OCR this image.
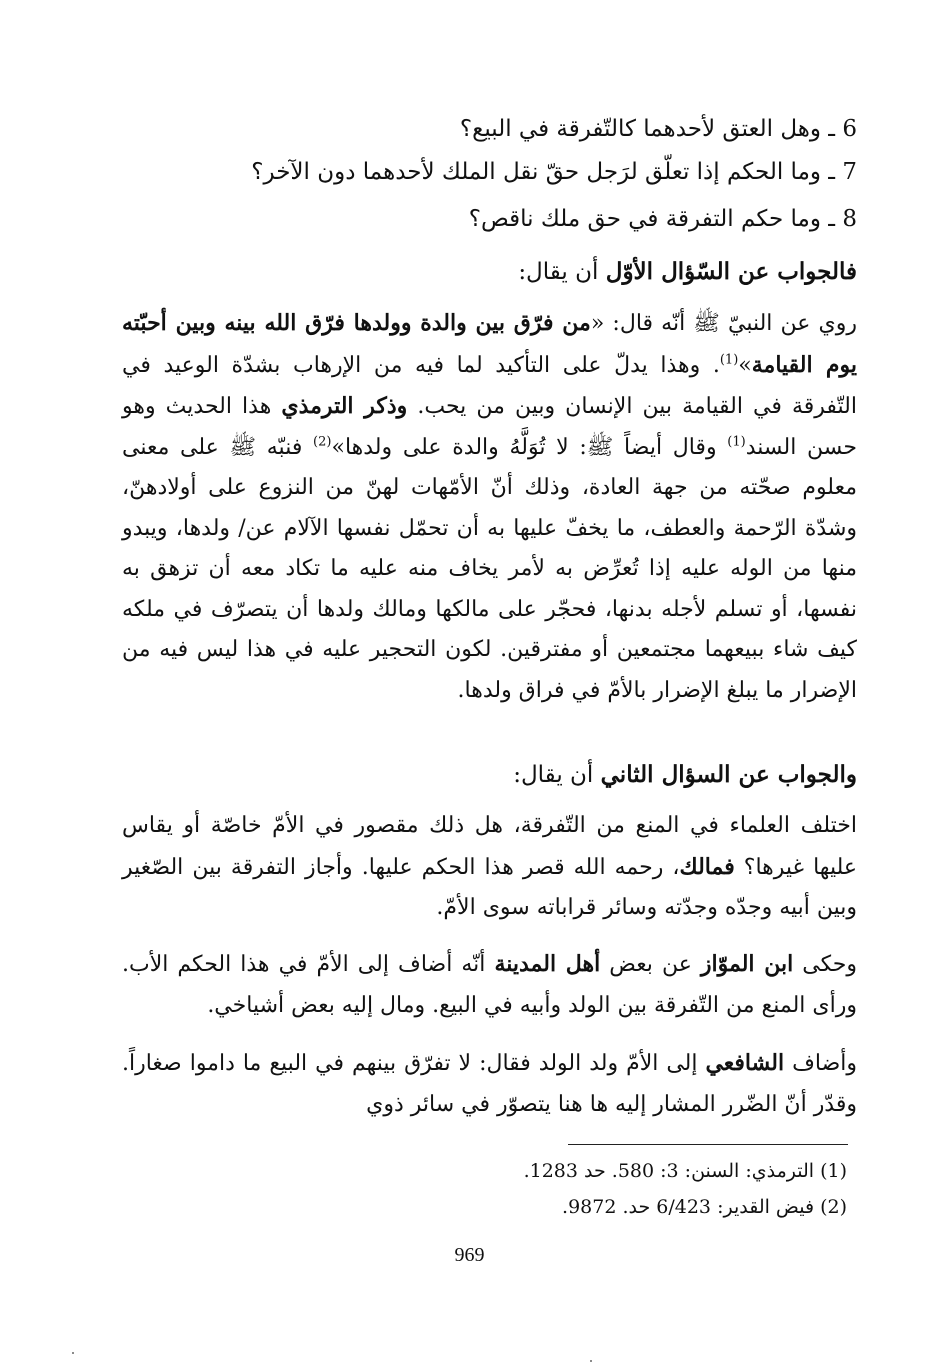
6 ـ وهل العتق لأحدهما كالتّفرقة في البيع؟
7 ـ وما الحكم إذا تعلّق لرَجل حقّ نقل الملك لأحدهما دون الآخر؟
8 ـ وما حكم التفرقة في حق ملك ناقص؟
فالجواب عن السّؤال الأوّل أن يقال:
روي عن النبيّ ﷺ أنّه قال: «من فرّق بين والدة وولدها فرّق الله بينه وبين أحبّته يوم القيامة»$^{(1)}$. وهذا يدلّ على التأكيد لما فيه من الإرهاب بشدّة الوعيد في التّفرقة في القيامة بين الإنسان وبين من يحب. وذكر الترمذي هذا الحديث وهو حسن السند$^{(1)}$ وقال أيضاً ﷺ: لا تُوَلَّهُ والدة على ولدها»$^{(2)}$ فنبّه ﷺ على معنى معلوم صحّته من جهة العادة، وذلك أنّ الأمّهات لهنّ من النزوع على أولادهنّ، وشدّة الرّحمة والعطف، ما يخفّ عليها به أن تحمّل نفسها الآلام عن/ ولدها، ويبدو منها من الوله عليه إذا تُعرِّض به لأمر يخاف منه عليه ما تكاد معه أن تزهق به نفسها، أو تسلم لأجله بدنها، فحجّر على مالكها ومالك ولدها أن يتصرّف في ملكه كيف شاء ببيعهما مجتمعين أو مفترقين. لكون التحجير عليه في هذا ليس فيه من الإضرار ما يبلغ الإضرار بالأمّ في فراق ولدها.
والجواب عن السؤال الثاني أن يقال:
اختلف العلماء في المنع من التّفرقة، هل ذلك مقصور في الأمّ خاصّة أو يقاس عليها غيرها؟ فمالك، رحمه الله قصر هذا الحكم عليها. وأجاز التفرقة بين الصّغير وبين أبيه وجدّه وجدّته وسائر قراباته سوى الأمّ.
وحكى ابن الموّاز عن بعض أهل المدينة أنّه أضاف إلى الأمّ في هذا الحكم الأب. ورأى المنع من التّفرقة بين الولد وأبيه في البيع. ومال إليه بعض أشياخي.
وأضاف الشافعي إلى الأمّ ولد الولد فقال: لا تفرّق بينهم في البيع ما داموا صغاراً. وقدّر أنّ الضّرر المشار إليه ها هنا يتصوّر في سائر ذوي
(1) الترمذي: السنن: 3: 580. حد 1283.
(2) فيض القدير: 6/423 حد. 9872.
969
